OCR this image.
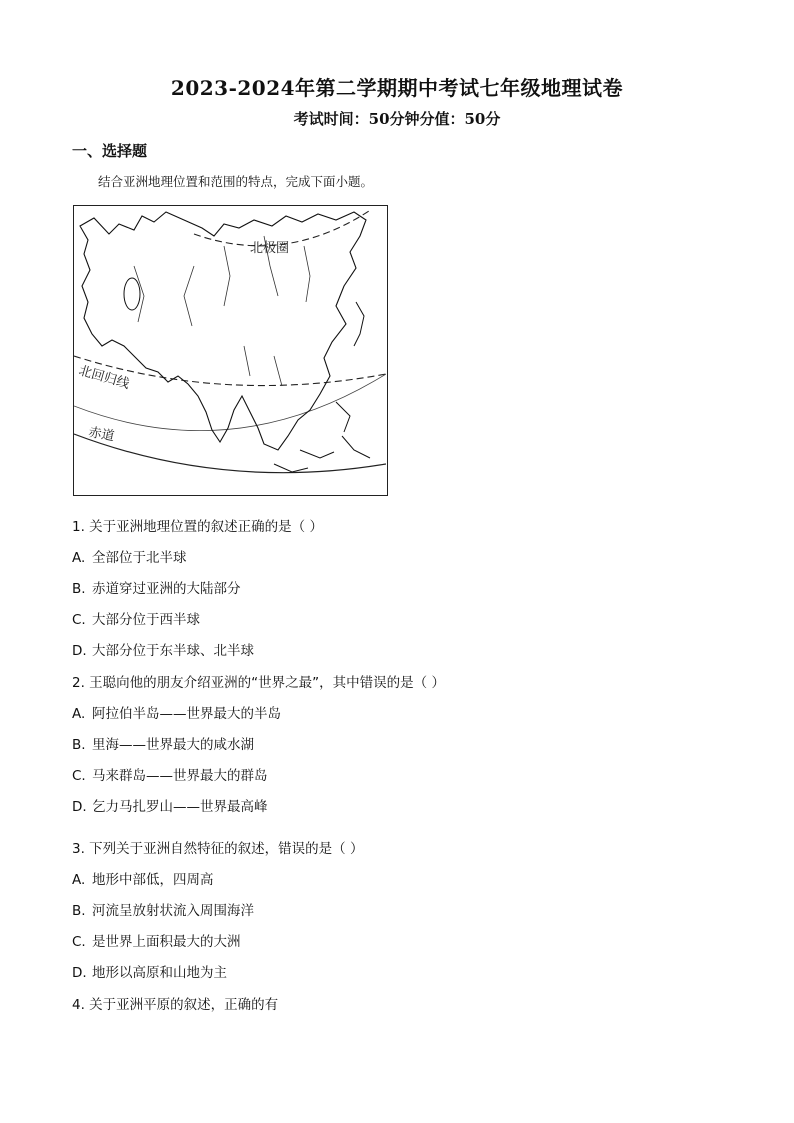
2023-2024年第二学期期中考试七年级地理试卷
考试时间：50分钟分值：50分
一、选择题
结合亚洲地理位置和范围的特点，完成下面小题。
北极圈
北回归线
赤道
1. 关于亚洲地理位置的叙述正确的是（ ）
A. 全部位于北半球
B. 赤道穿过亚洲的大陆部分
C. 大部分位于西半球
D. 大部分位于东半球、北半球
2. 王聪向他的朋友介绍亚洲的“世界之最”，其中错误的是（ ）
A. 阿拉伯半岛——世界最大的半岛
B. 里海——世界最大的咸水湖
C. 马来群岛——世界最大的群岛
D. 乞力马扎罗山——世界最高峰
3. 下列关于亚洲自然特征的叙述，错误的是（ ）
A. 地形中部低，四周高
B. 河流呈放射状流入周围海洋
C. 是世界上面积最大的大洲
D. 地形以高原和山地为主
4. 关于亚洲平原的叙述，正确的有
